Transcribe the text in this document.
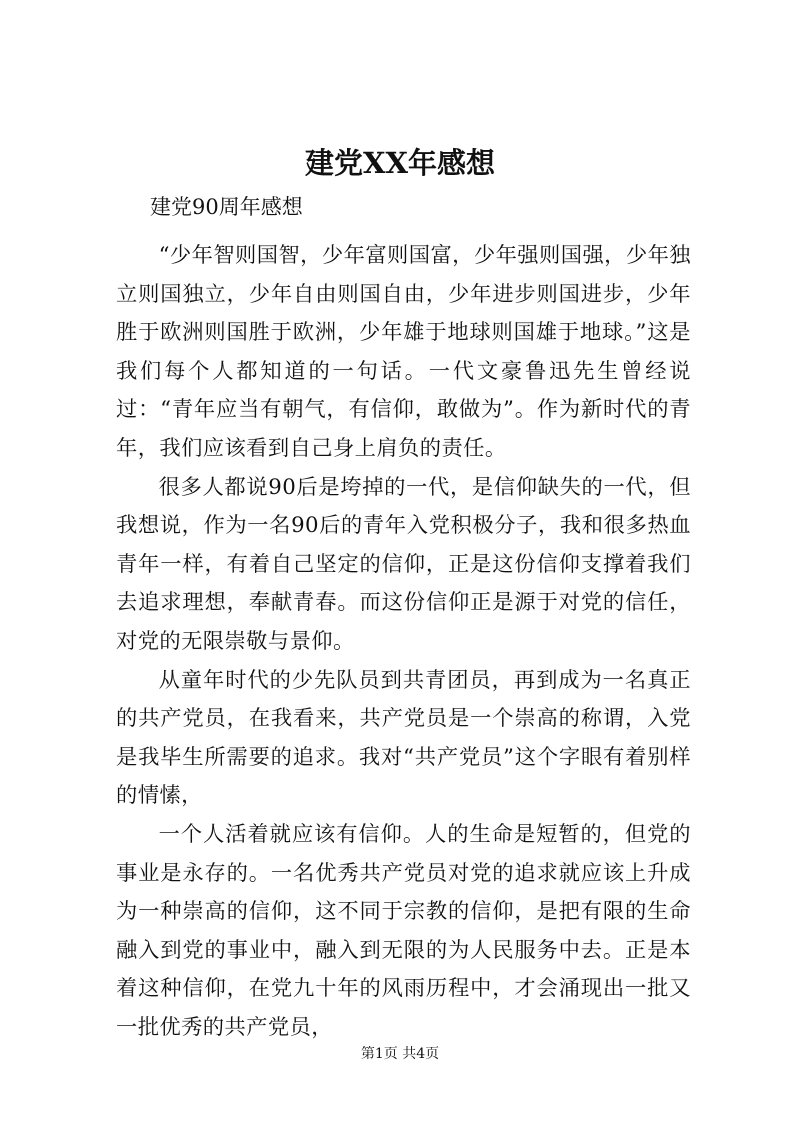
建党XX年感想

建党90周年感想

“少年智则国智，少年富则国富，少年强则国强，少年独立则国独立，少年自由则国自由，少年进步则国进步，少年胜于欧洲则国胜于欧洲，少年雄于地球则国雄于地球。”这是我们每个人都知道的一句话。一代文豪鲁迅先生曾经说过：“青年应当有朝气，有信仰，敢做为”。作为新时代的青年，我们应该看到自己身上肩负的责任。

很多人都说90后是垮掉的一代，是信仰缺失的一代，但我想说，作为一名90后的青年入党积极分子，我和很多热血青年一样，有着自己坚定的信仰，正是这份信仰支撑着我们去追求理想，奉献青春。而这份信仰正是源于对党的信任，对党的无限崇敬与景仰。

从童年时代的少先队员到共青团员，再到成为一名真正的共产党员，在我看来，共产党员是一个崇高的称谓，入党是我毕生所需要的追求。我对“共产党员”这个字眼有着别样的情愫，

一个人活着就应该有信仰。人的生命是短暂的，但党的事业是永存的。一名优秀共产党员对党的追求就应该上升成为一种崇高的信仰，这不同于宗教的信仰，是把有限的生命融入到党的事业中，融入到无限的为人民服务中去。正是本着这种信仰，在党九十年的风雨历程中，才会涌现出一批又一批优秀的共产党员，

第1页 共4页
